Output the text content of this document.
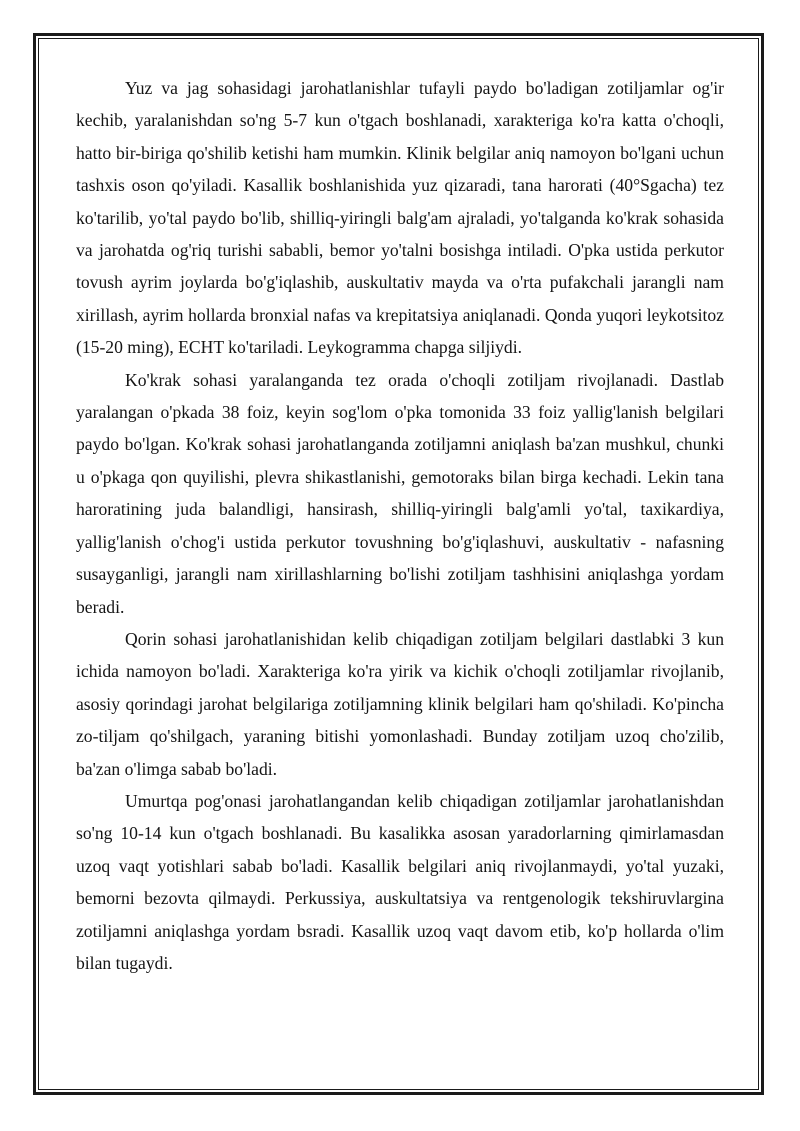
Yuz va jag sohasidagi jarohatlanishlar tufayli paydo bo'ladigan zotiljamlar og'ir kechib, yaralanishdan so'ng 5-7 kun o'tgach boshlanadi, xarakteriga ko'ra katta o'choqli, hatto bir-biriga qo'shilib ketishi ham mumkin. Klinik belgilar aniq namoyon bo'lgani uchun tashxis oson qo'yiladi. Kasallik boshlanishida yuz qizaradi, tana harorati (40°Sgacha) tez ko'tarilib, yo'tal paydo bo'lib, shilliq-yiringli balg'am ajraladi, yo'talganda ko'krak sohasida va jarohatda og'riq turishi sababli, bemor yo'talni bosishga intiladi. O'pka ustida perkutor tovush ayrim joylarda bo'g'iqlashib, auskultativ mayda va o'rta pufakchali jarangli nam xirillash, ayrim hollarda bronxial nafas va krepitatsiya aniqlanadi. Qonda yuqori leykotsitoz (15-20 ming), ECHT ko'tariladi. Leykogramma chapga siljiydi.

Ko'krak sohasi yaralanganda tez orada o'choqli zotiljam rivojlanadi. Dastlab yaralangan o'pkada 38 foiz, keyin sog'lom o'pka tomonida 33 foiz yallig'lanish belgilari paydo bo'lgan. Ko'krak sohasi jarohatlanganda zotiljamni aniqlash ba'zan mushkul, chunki u o'pkaga qon quyilishi, plevra shikastlanishi, gemotoraks bilan birga kechadi. Lekin tana haroratining juda balandligi, hansirash, shilliq-yiringli balg'amli yo'tal, taxikardiya, yallig'lanish o'chog'i ustida perkutor tovushning bo'g'iqlashuvi, auskultativ - nafasning susayganligi, jarangli nam xirillashlarning bo'lishi zotiljam tashhisini aniqlashga yordam beradi.

Qorin sohasi jarohatlanishidan kelib chiqadigan zotiljam belgilari dastlabki 3 kun ichida namoyon bo'ladi. Xarakteriga ko'ra yirik va kichik o'choqli zotiljamlar rivojlanib, asosiy qorindagi jarohat belgilariga zotiljamning klinik belgilari ham qo'shiladi. Ko'pincha zo-tiljam qo'shilgach, yaraning bitishi yomonlashadi. Bunday zotiljam uzoq cho'zilib, ba'zan o'limga sabab bo'ladi.

Umurtqa pog'onasi jarohatlangandan kelib chiqadigan zotiljamlar jarohatlanishdan so'ng 10-14 kun o'tgach boshlanadi. Bu kasalikka asosan yaradorlarning qimirlamasdan uzoq vaqt yotishlari sabab bo'ladi. Kasallik belgilari aniq rivojlanmaydi, yo'tal yuzaki, bemorni bezovta qilmaydi. Perkussiya, auskultatsiya va rentgenologik tekshiruvlargina zotiljamni aniqlashga yordam bsradi. Kasallik uzoq vaqt davom etib, ko'p hollarda o'lim bilan tugaydi.
